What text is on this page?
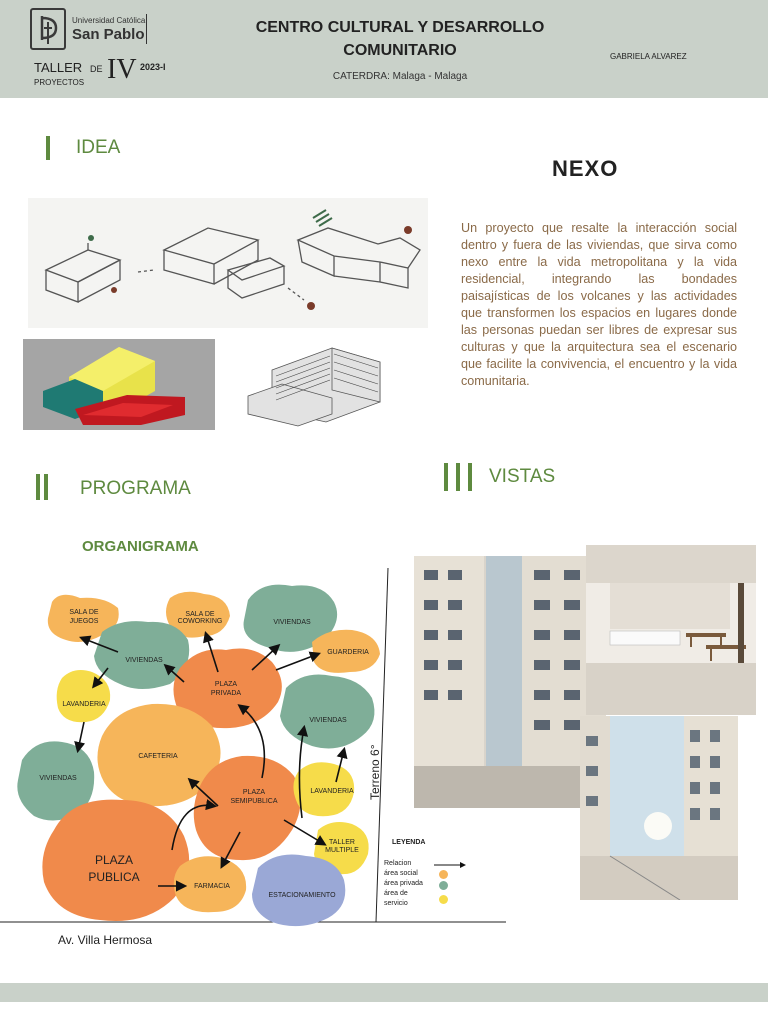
Universidad Católica
San Pablo
TALLER DE IV 2023-I
PROYECTOS
CENTRO CULTURAL Y DESARROLLO
COMUNITARIO
CATERDRA: Malaga - Malaga
GABRIELA ALVAREZ
IDEA
NEXO
Un proyecto que resalte la interacción social dentro y fuera de las viviendas, que sirva como nexo entre la vida metropolitana y la vida residencial, integrando las bondades paisajísticas de los volcanes y las actividades que transformen los espacios en lugares donde las personas puedan ser libres de expresar sus culturas y que la arquitectura sea el escenario que facilite la convivencia, el encuentro y la vida comunitaria.
PROGRAMA
ORGANIGRAMA
VISTAS
SALA DE
JUEGOS
SALA DE
COWORKING	VIVIENDAS
VIVIENDAS
GUARDERIA
PLAZA
PRIVADA
LAVANDERIA
VIVIENDAS
CAFETERIA
VIVIENDAS
PLAZA
SEMIPUBLICA
LAVANDERIA
TALLER
MULTIPLE
FARMACIA
ESTACIONAMIENTO
PLAZA
PUBLICA
Av. Villa Hermosa
Terreno 6°
LEYENDA
Relacion
área social
área privada
área de
servicio
